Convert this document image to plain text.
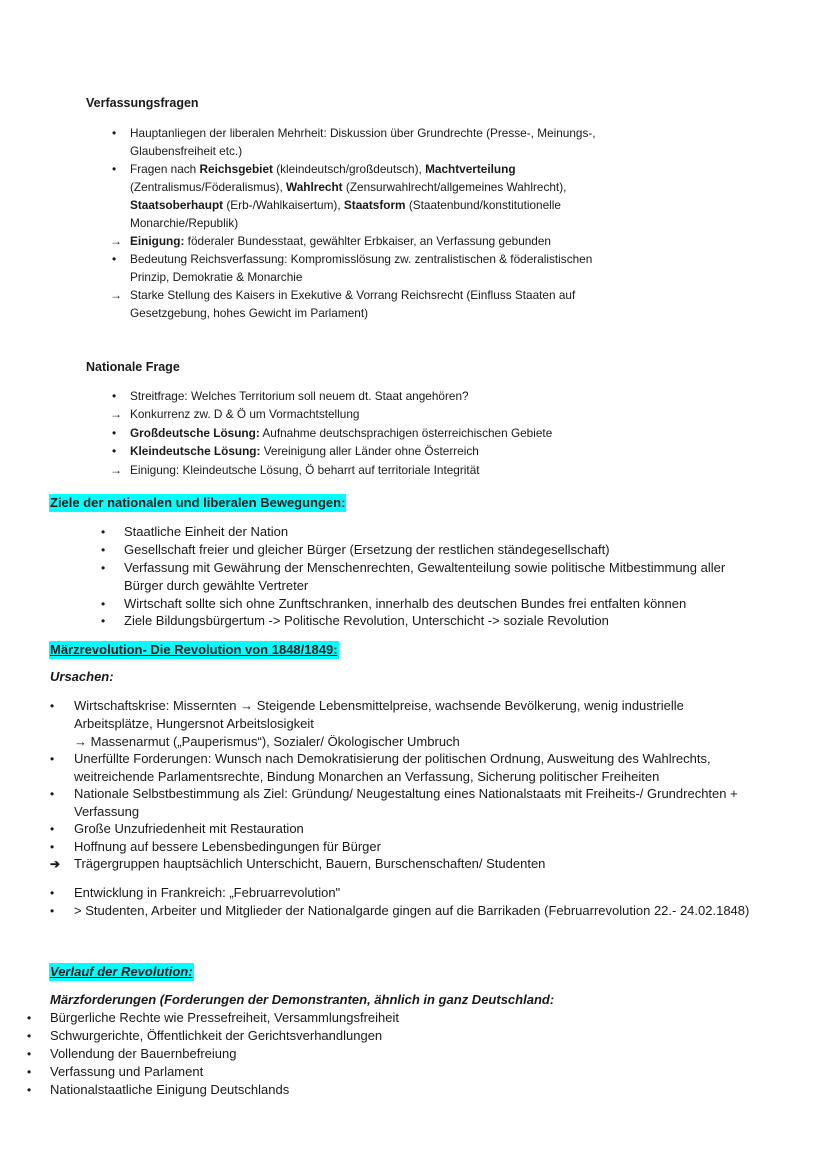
Verfassungsfragen
• Hauptanliegen der liberalen Mehrheit: Diskussion über Grundrechte (Presse-, Meinungs-,
Glaubensfreiheit etc.)
• Fragen nach Reichsgebiet (kleindeutsch/großdeutsch), Machtverteilung
(Zentralismus/Föderalismus), Wahlrecht (Zensurwahlrecht/allgemeines Wahlrecht),
Staatsoberhaupt (Erb-/Wahlkaisertum), Staatsform (Staatenbund/konstitutionelle
Monarchie/Republik)
→ Einigung: föderaler Bundesstaat, gewählter Erbkaiser, an Verfassung gebunden
• Bedeutung Reichsverfassung: Kompromisslösung zw. zentralistischen & föderalistischen
Prinzip, Demokratie & Monarchie
→ Starke Stellung des Kaisers in Exekutive & Vorrang Reichsrecht (Einfluss Staaten auf
Gesetzgebung, hohes Gewicht im Parlament)
Nationale Frage
• Streitfrage: Welches Territorium soll neuem dt. Staat angehören?
→ Konkurrenz zw. D & Ö um Vormachtstellung
• Großdeutsche Lösung: Aufnahme deutschsprachigen österreichischen Gebiete
• Kleindeutsche Lösung: Vereinigung aller Länder ohne Österreich
→ Einigung: Kleindeutsche Lösung, Ö beharrt auf territoriale Integrität
Ziele der nationalen und liberalen Bewegungen:
• Staatliche Einheit der Nation
• Gesellschaft freier und gleicher Bürger (Ersetzung der restlichen ständegesellschaft)
• Verfassung mit Gewährung der Menschenrechten, Gewaltenteilung sowie politische Mitbestimmung aller
Bürger durch gewählte Vertreter
• Wirtschaft sollte sich ohne Zunftschranken, innerhalb des deutschen Bundes frei entfalten können
• Ziele Bildungsbürgertum -> Politische Revolution, Unterschicht -> soziale Revolution
Märzrevolution- Die Revolution von 1848/1849:
Ursachen:
• Wirtschaftskrise: Missernten → Steigende Lebensmittelpreise, wachsende Bevölkerung, wenig industrielle
Arbeitsplätze, Hungersnot Arbeitslosigkeit
→ Massenarmut („Pauperismus“), Sozialer/ Ökologischer Umbruch
• Unerfüllte Forderungen: Wunsch nach Demokratisierung der politischen Ordnung, Ausweitung des Wahlrechts,
weitreichende Parlamentsrechte, Bindung Monarchen an Verfassung, Sicherung politischer Freiheiten
• Nationale Selbstbestimmung als Ziel: Gründung/ Neugestaltung eines Nationalstaats mit Freiheits-/ Grundrechten +
Verfassung
• Große Unzufriedenheit mit Restauration
• Hoffnung auf bessere Lebensbedingungen für Bürger
➔ Trägergruppen hauptsächlich Unterschicht, Bauern, Burschenschaften/ Studenten
• Entwicklung in Frankreich: „Februarrevolution"
• > Studenten, Arbeiter und Mitglieder der Nationalgarde gingen auf die Barrikaden (Februarrevolution 22.- 24.02.1848)
Verlauf der Revolution:
Märzforderungen (Forderungen der Demonstranten, ähnlich in ganz Deutschland:
• Bürgerliche Rechte wie Pressefreiheit, Versammlungsfreiheit
• Schwurgerichte, Öffentlichkeit der Gerichtsverhandlungen
• Vollendung der Bauernbefreiung
• Verfassung und Parlament
• Nationalstaatliche Einigung Deutschlands
